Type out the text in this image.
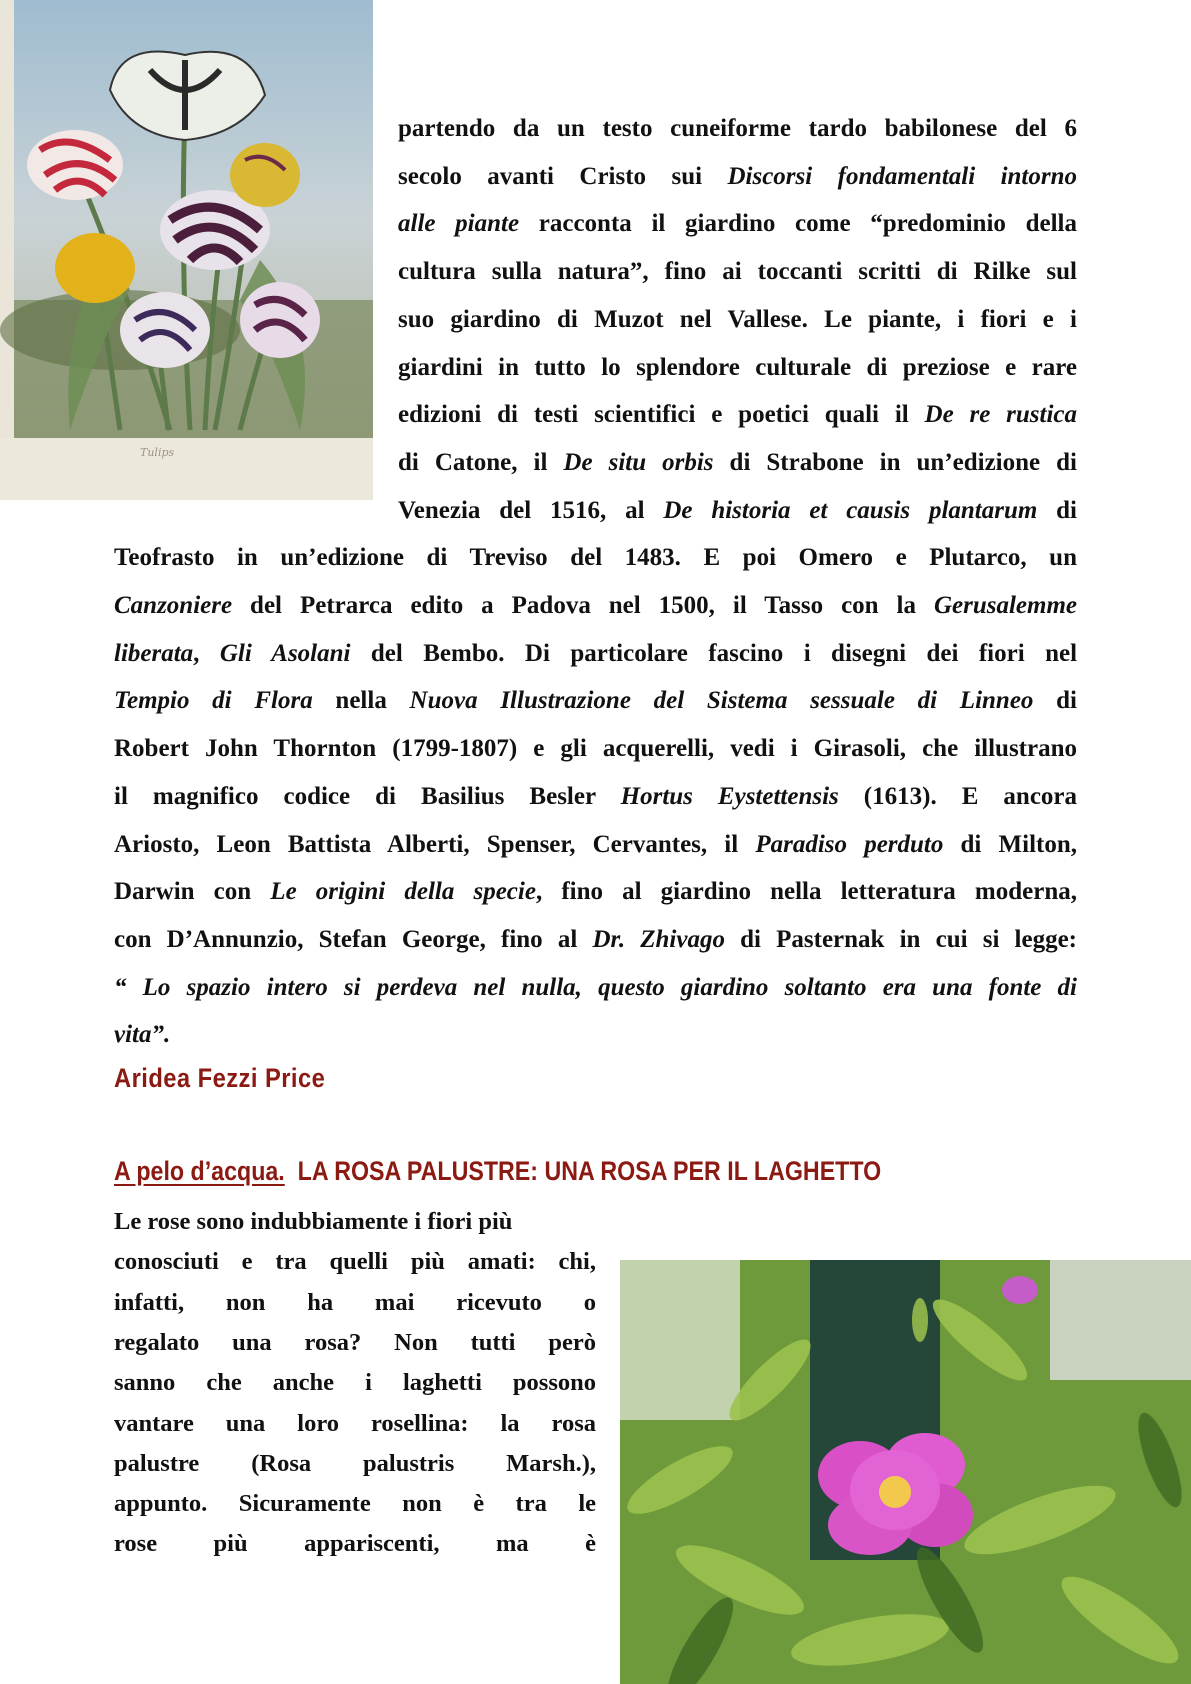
Tulips
partendo da un testo cuneiforme tardo babilonese del 6
secolo avanti Cristo sui Discorsi fondamentali intorno
alle piante racconta il giardino come “predominio della
cultura sulla natura”, fino ai toccanti scritti di Rilke sul
suo giardino di Muzot nel Vallese. Le piante, i fiori e i
giardini in tutto lo splendore culturale di preziose e rare
edizioni di testi scientifici e poetici quali il De re rustica
di Catone, il De situ orbis di Strabone in un’edizione di
Venezia del 1516, al De historia et causis plantarum di
Teofrasto in un’edizione di Treviso del 1483. E poi Omero e Plutarco, un
Canzoniere del Petrarca edito a Padova nel 1500, il Tasso con la Gerusalemme
liberata, Gli Asolani del Bembo. Di particolare fascino i disegni dei fiori nel
Tempio di Flora nella Nuova Illustrazione del Sistema sessuale di Linneo di
Robert John Thornton (1799-1807) e gli acquerelli, vedi i Girasoli, che illustrano
il magnifico codice di Basilius Besler Hortus Eystettensis (1613). E ancora
Ariosto, Leon Battista Alberti, Spenser, Cervantes, il Paradiso perduto di Milton,
Darwin con Le origini della specie, fino al giardino nella letteratura moderna,
con D’Annunzio, Stefan George, fino al Dr. Zhivago di Pasternak in cui si legge:
“ Lo spazio intero si perdeva nel nulla, questo giardino soltanto era una fonte di
vita”.
Aridea Fezzi Price
A pelo d’acqua. LA ROSA PALUSTRE: UNA ROSA PER IL LAGHETTO
Le rose sono indubbiamente i fiori più
conosciuti e tra quelli più amati: chi,
infatti, non ha mai ricevuto o
regalato una rosa? Non tutti però
sanno che anche i laghetti possono
vantare una loro rosellina: la rosa
palustre (Rosa palustris Marsh.),
appunto. Sicuramente non è tra le
rose più appariscenti, ma è
